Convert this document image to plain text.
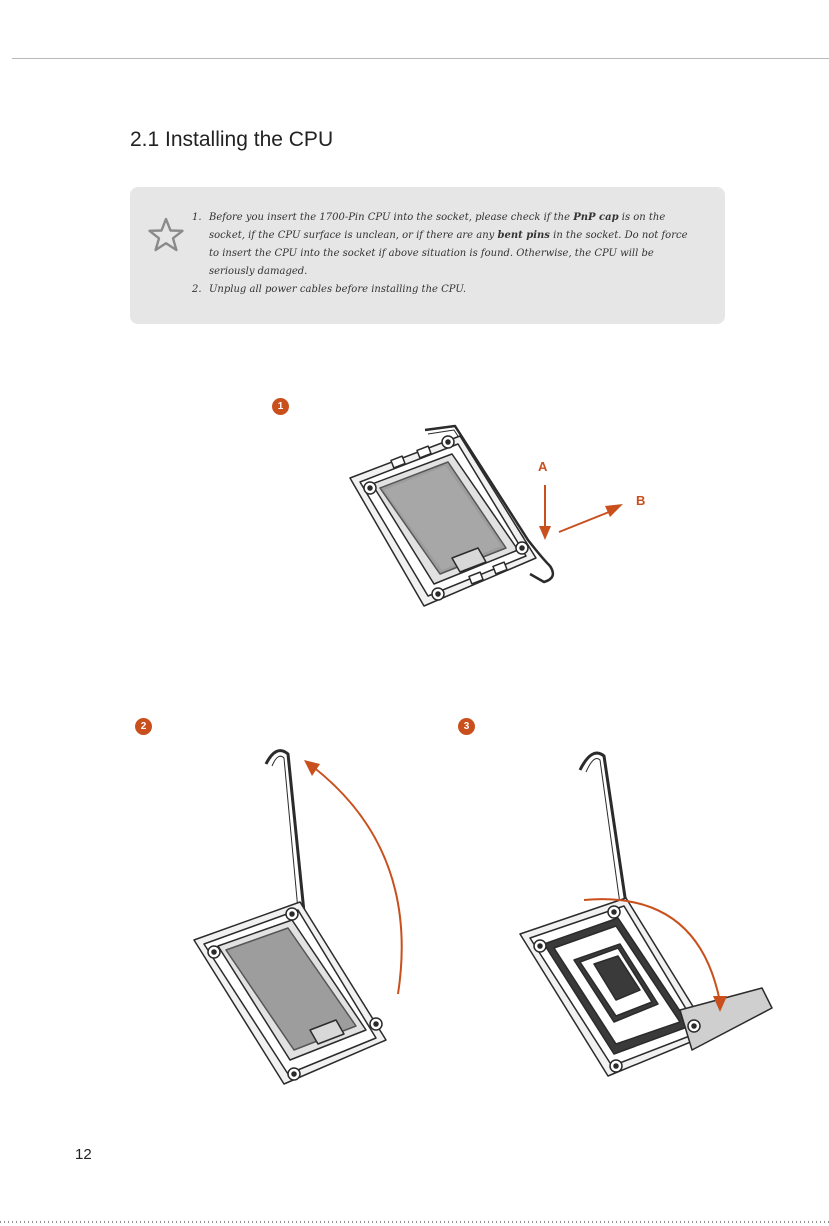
2.1 Installing the CPU
1. Before you insert the 1700-Pin CPU into the socket, please check if the PnP cap is on the socket, if the CPU surface is unclean, or if there are any bent pins in the socket. Do not force to insert the CPU into the socket if above situation is found. Otherwise, the CPU will be seriously damaged.
2. Unplug all power cables before installing the CPU.
1
A
B
2	3
12
